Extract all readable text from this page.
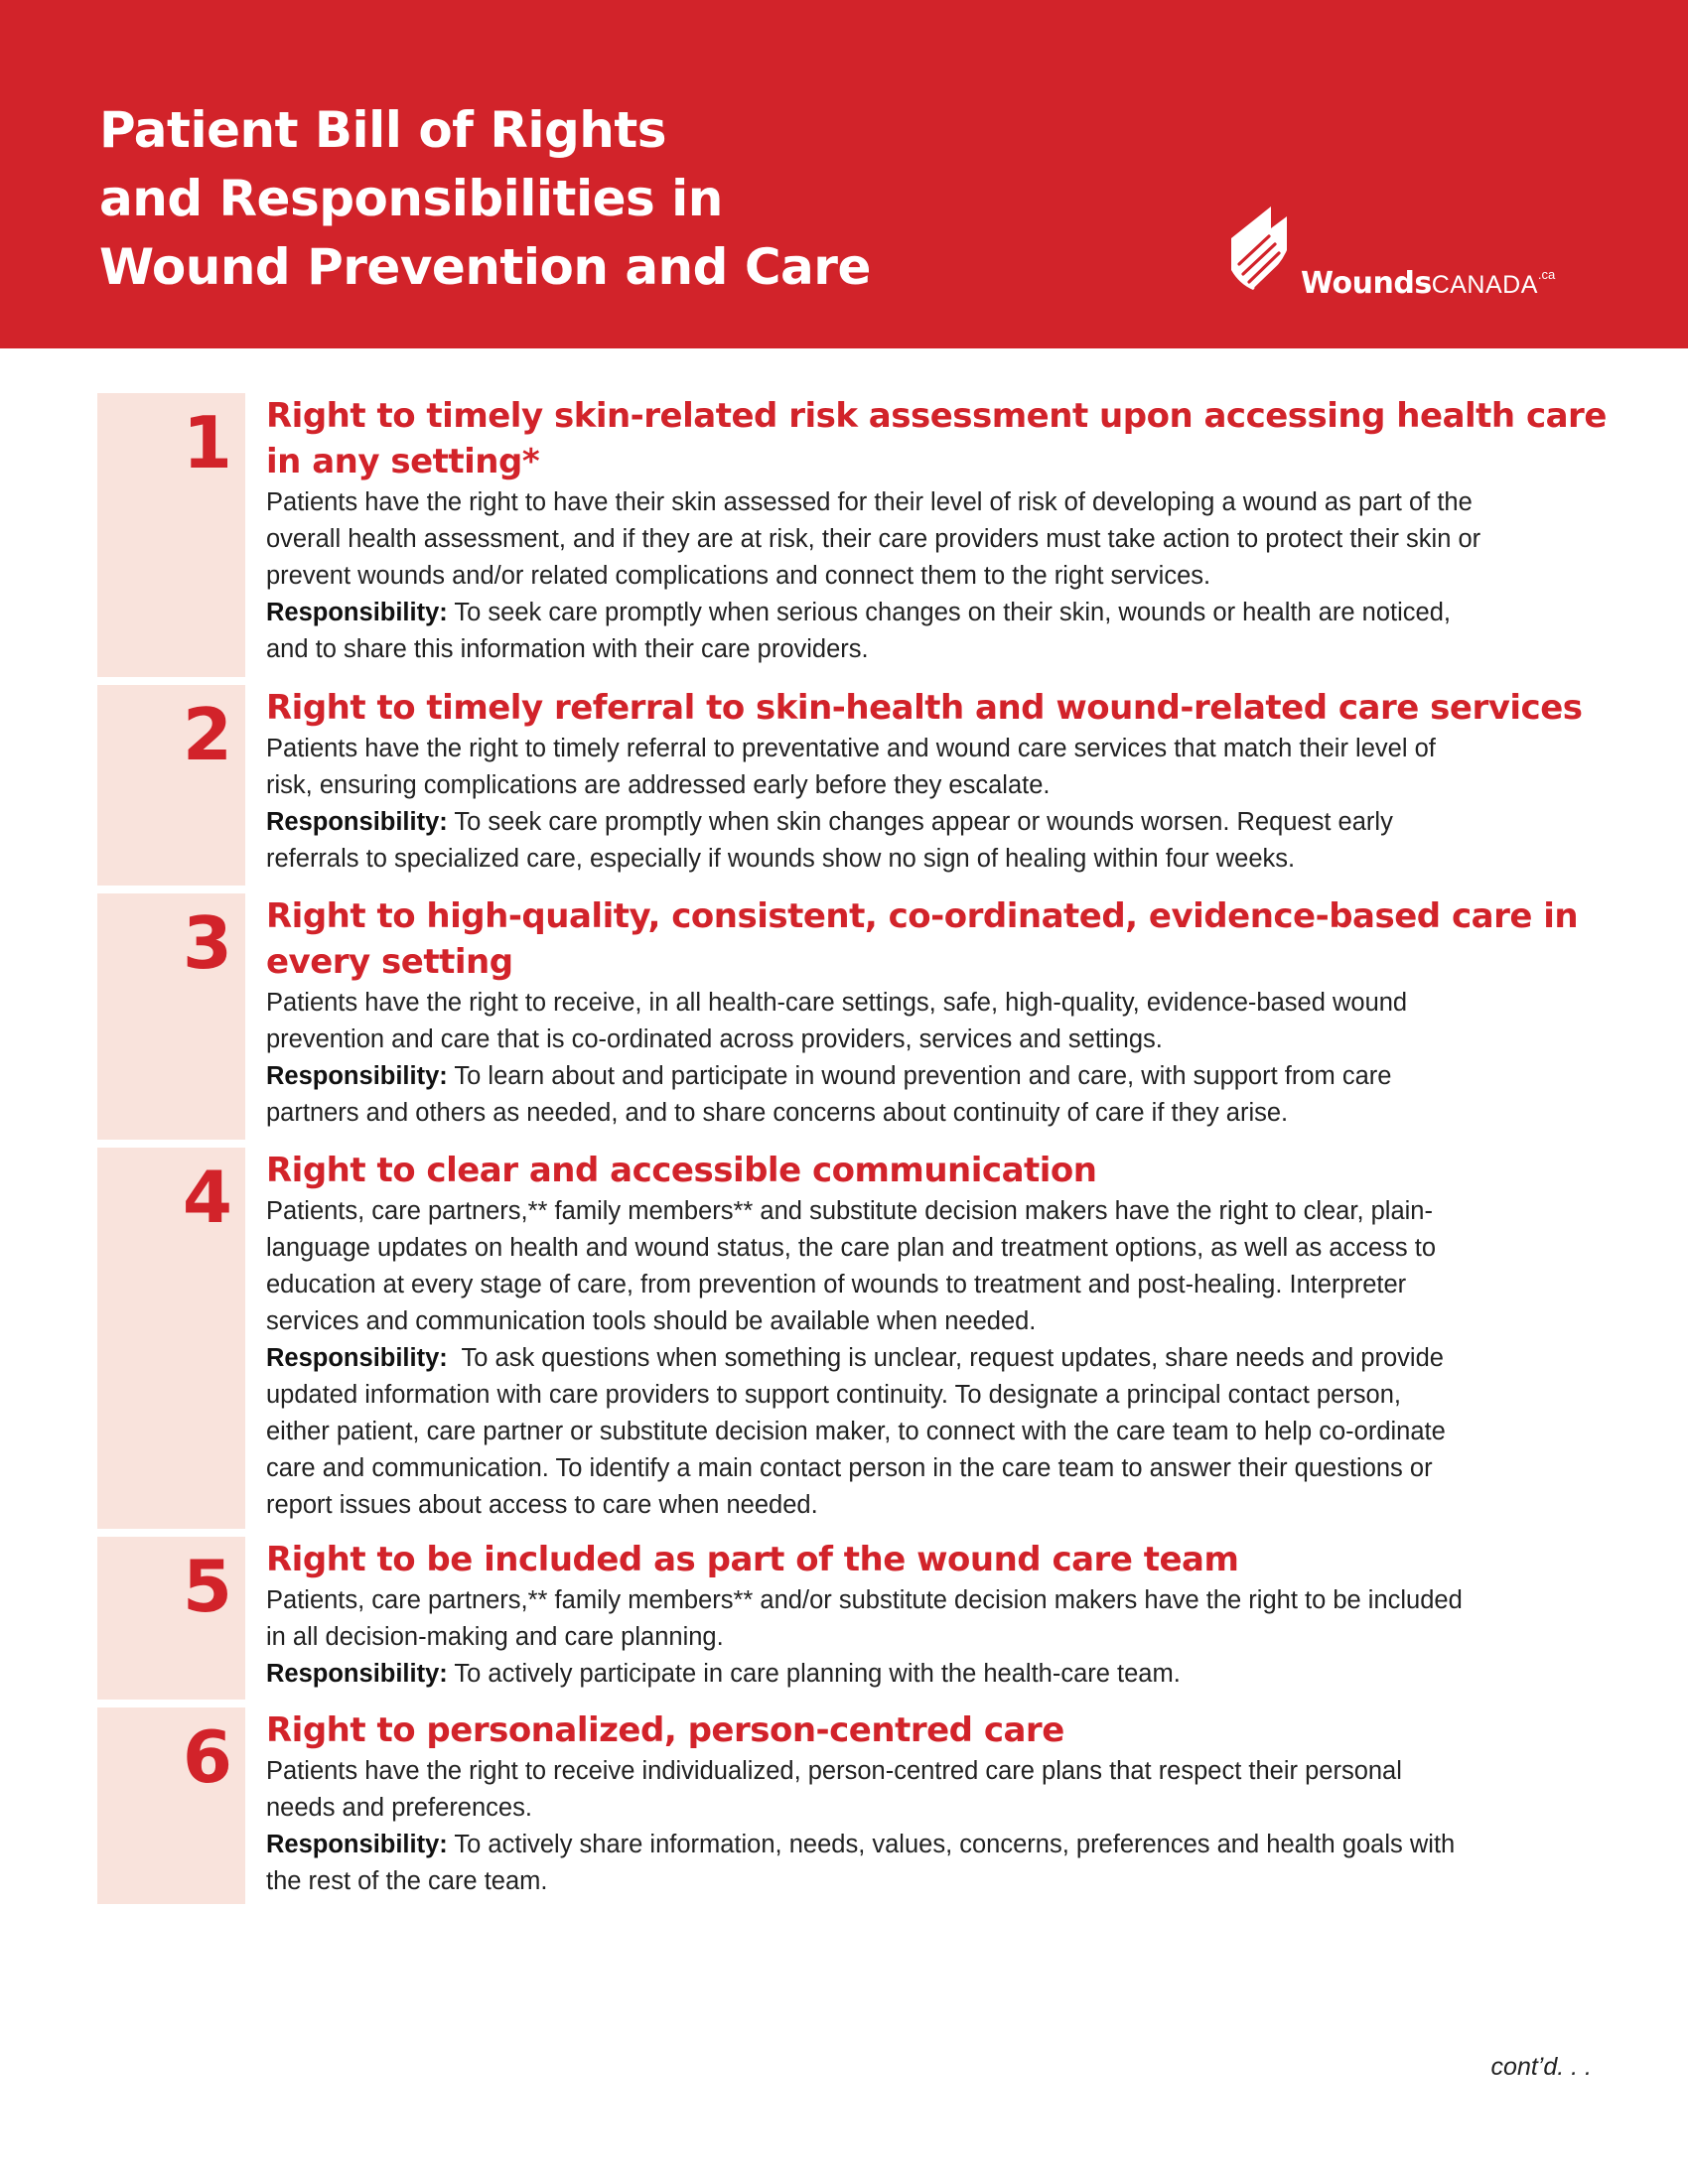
Patient Bill of Rights
and Responsibilities in
Wound Prevention and Care	WoundsCANADA$^{.ca}$
1 Right to timely skin-related risk assessment upon accessing health care
in any setting*

Patients have the right to have their skin assessed for their level of risk of developing a wound as part of the
overall health assessment, and if they are at risk, their care providers must take action to protect their skin or
prevent wounds and/or related complications and connect them to the right services.

Responsibility: To seek care promptly when serious changes on their skin, wounds or health are noticed,
and to share this information with their care providers.

2 Right to timely referral to skin-health and wound-related care services

Patients have the right to timely referral to preventative and wound care services that match their level of
risk, ensuring complications are addressed early before they escalate.

Responsibility: To seek care promptly when skin changes appear or wounds worsen. Request early
referrals to specialized care, especially if wounds show no sign of healing within four weeks.

3 Right to high-quality, consistent, co-ordinated, evidence-based care in
every setting

Patients have the right to receive, in all health-care settings, safe, high-quality, evidence-based wound
prevention and care that is co-ordinated across providers, services and settings.

Responsibility: To learn about and participate in wound prevention and care, with support from care
partners and others as needed, and to share concerns about continuity of care if they arise.

4 Right to clear and accessible communication

Patients, care partners,** family members** and substitute decision makers have the right to clear, plain-
language updates on health and wound status, the care plan and treatment options, as well as access to
education at every stage of care, from prevention of wounds to treatment and post-healing. Interpreter
services and communication tools should be available when needed.

Responsibility:  To ask questions when something is unclear, request updates, share needs and provide
updated information with care providers to support continuity. To designate a principal contact person,
either patient, care partner or substitute decision maker, to connect with the care team to help co-ordinate
care and communication. To identify a main contact person in the care team to answer their questions or
report issues about access to care when needed.

5 Right to be included as part of the wound care team

Patients, care partners,** family members** and/or substitute decision makers have the right to be included
in all decision-making and care planning.

Responsibility: To actively participate in care planning with the health-care team.

6 Right to personalized, person-centred care

Patients have the right to receive individualized, person-centred care plans that respect their personal
needs and preferences.

Responsibility: To actively share information, needs, values, concerns, preferences and health goals with
the rest of the care team.

cont’d. . .
